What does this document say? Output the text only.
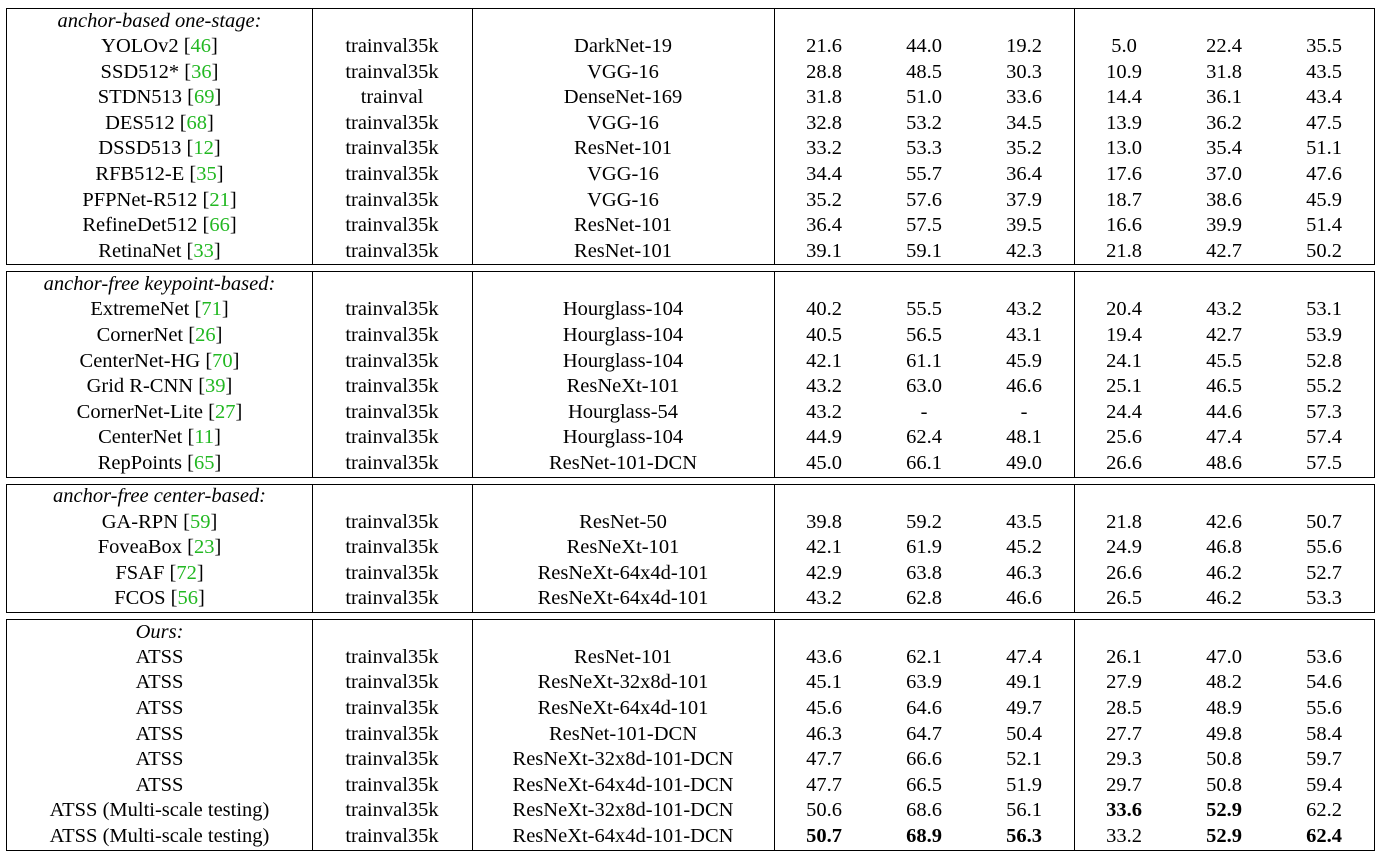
anchor-based one-stage:
YOLOv2 [46]	trainval35k	DarkNet-19	21.6	44.0	19.2	5.0	22.4	35.5
SSD512* [36]	trainval35k	VGG-16	28.8	48.5	30.3	10.9	31.8	43.5
STDN513 [69]	trainval	DenseNet-169	31.8	51.0	33.6	14.4	36.1	43.4
DES512 [68]	trainval35k	VGG-16	32.8	53.2	34.5	13.9	36.2	47.5
DSSD513 [12]	trainval35k	ResNet-101	33.2	53.3	35.2	13.0	35.4	51.1
RFB512-E [35]	trainval35k	VGG-16	34.4	55.7	36.4	17.6	37.0	47.6
PFPNet-R512 [21]	trainval35k	VGG-16	35.2	57.6	37.9	18.7	38.6	45.9
RefineDet512 [66]	trainval35k	ResNet-101	36.4	57.5	39.5	16.6	39.9	51.4
RetinaNet [33]	trainval35k	ResNet-101	39.1	59.1	42.3	21.8	42.7	50.2
anchor-free keypoint-based:
ExtremeNet [71]	trainval35k	Hourglass-104	40.2	55.5	43.2	20.4	43.2	53.1
CornerNet [26]	trainval35k	Hourglass-104	40.5	56.5	43.1	19.4	42.7	53.9
CenterNet-HG [70]	trainval35k	Hourglass-104	42.1	61.1	45.9	24.1	45.5	52.8
Grid R-CNN [39]	trainval35k	ResNeXt-101	43.2	63.0	46.6	25.1	46.5	55.2
CornerNet-Lite [27]	trainval35k	Hourglass-54	43.2	-	-	24.4	44.6	57.3
CenterNet [11]	trainval35k	Hourglass-104	44.9	62.4	48.1	25.6	47.4	57.4
RepPoints [65]	trainval35k	ResNet-101-DCN	45.0	66.1	49.0	26.6	48.6	57.5
anchor-free center-based:
GA-RPN [59]	trainval35k	ResNet-50	39.8	59.2	43.5	21.8	42.6	50.7
FoveaBox [23]	trainval35k	ResNeXt-101	42.1	61.9	45.2	24.9	46.8	55.6
FSAF [72]	trainval35k	ResNeXt-64x4d-101	42.9	63.8	46.3	26.6	46.2	52.7
FCOS [56]	trainval35k	ResNeXt-64x4d-101	43.2	62.8	46.6	26.5	46.2	53.3
Ours:
ATSS	trainval35k	ResNet-101	43.6	62.1	47.4	26.1	47.0	53.6
ATSS	trainval35k	ResNeXt-32x8d-101	45.1	63.9	49.1	27.9	48.2	54.6
ATSS	trainval35k	ResNeXt-64x4d-101	45.6	64.6	49.7	28.5	48.9	55.6
ATSS	trainval35k	ResNet-101-DCN	46.3	64.7	50.4	27.7	49.8	58.4
ATSS	trainval35k	ResNeXt-32x8d-101-DCN	47.7	66.6	52.1	29.3	50.8	59.7
ATSS	trainval35k	ResNeXt-64x4d-101-DCN	47.7	66.5	51.9	29.7	50.8	59.4
ATSS (Multi-scale testing)	trainval35k	ResNeXt-32x8d-101-DCN	50.6	68.6	56.1	33.6	52.9	62.2
ATSS (Multi-scale testing)	trainval35k	ResNeXt-64x4d-101-DCN	50.7	68.9	56.3	33.2	52.9	62.4
